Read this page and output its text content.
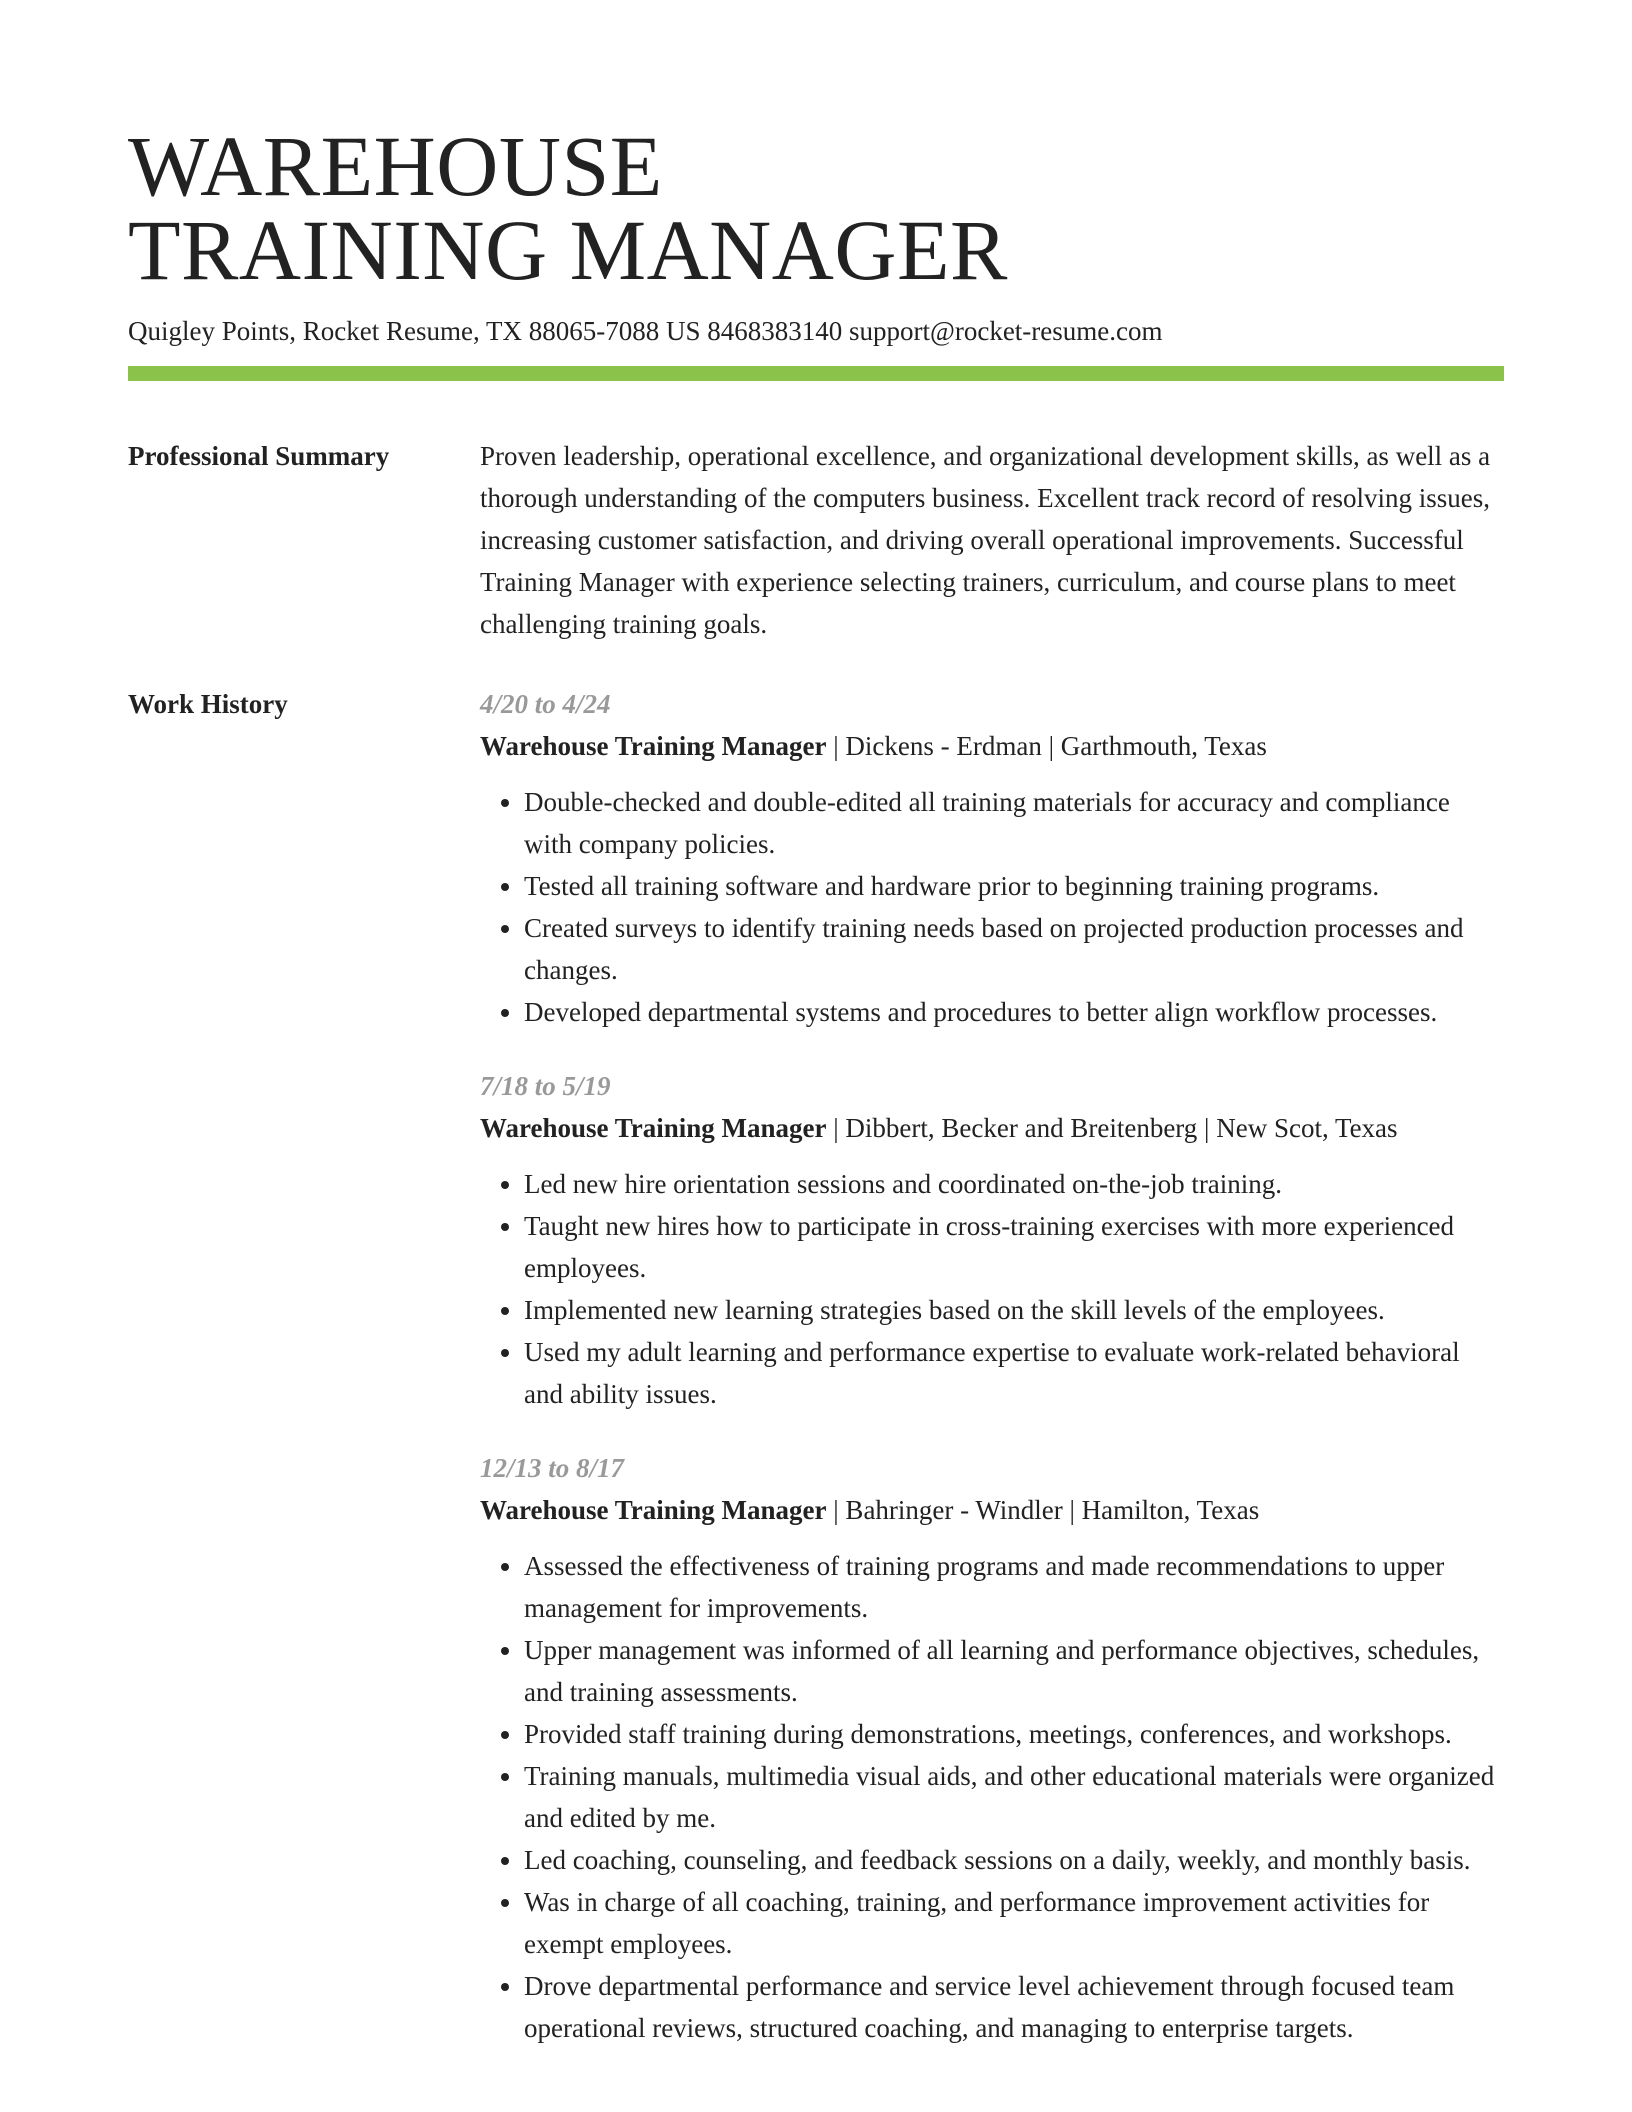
WAREHOUSE
TRAINING MANAGER
Quigley Points, Rocket Resume, TX 88065-7088 US 8468383140 support@rocket-resume.com
Professional Summary	Proven leadership, operational excellence, and organizational development skills, as well as a thorough understanding of the computers business. Excellent track record of resolving issues, increasing customer satisfaction, and driving overall operational improvements. Successful Training Manager with experience selecting trainers, curriculum, and course plans to meet challenging training goals.

Work History	4/20 to 4/24
Warehouse Training Manager | Dickens - Erdman | Garthmouth, Texas
• Double-checked and double-edited all training materials for accuracy and compliance with company policies.
• Tested all training software and hardware prior to beginning training programs.
• Created surveys to identify training needs based on projected production processes and changes.
• Developed departmental systems and procedures to better align workflow processes.
7/18 to 5/19
Warehouse Training Manager | Dibbert, Becker and Breitenberg | New Scot, Texas
• Led new hire orientation sessions and coordinated on-the-job training.
• Taught new hires how to participate in cross-training exercises with more experienced employees.
• Implemented new learning strategies based on the skill levels of the employees.
• Used my adult learning and performance expertise to evaluate work-related behavioral and ability issues.
12/13 to 8/17
Warehouse Training Manager | Bahringer - Windler | Hamilton, Texas
• Assessed the effectiveness of training programs and made recommendations to upper management for improvements.
• Upper management was informed of all learning and performance objectives, schedules, and training assessments.
• Provided staff training during demonstrations, meetings, conferences, and workshops.
• Training manuals, multimedia visual aids, and other educational materials were organized and edited by me.
• Led coaching, counseling, and feedback sessions on a daily, weekly, and monthly basis.
• Was in charge of all coaching, training, and performance improvement activities for exempt employees.
• Drove departmental performance and service level achievement through focused team operational reviews, structured coaching, and managing to enterprise targets.
